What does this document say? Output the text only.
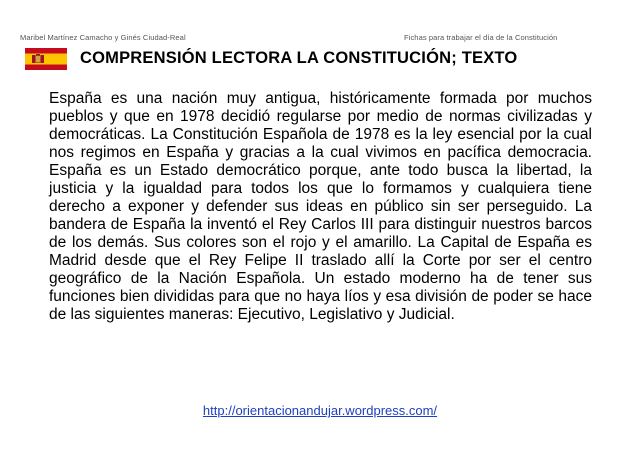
Maribel Martínez Camacho y Ginés Ciudad-Real	Fichas para trabajar el día de la Constitución
COMPRENSIÓN LECTORA LA CONSTITUCIÓN; TEXTO
España es una nación muy antigua, históricamente formada por muchos pueblos y que en 1978 decidió regularse por medio de normas civilizadas y democráticas. La Constitución Española de 1978 es la ley esencial por la cual nos regimos en España y gracias a la cual vivimos en pacífica democracia. España es un Estado democrático porque, ante todo busca la libertad, la justicia y la igualdad para todos los que lo formamos y cualquiera tiene derecho a exponer y defender sus ideas en público sin ser perseguido. La bandera de España la inventó el Rey Carlos III para distinguir nuestros barcos de los demás. Sus colores son el rojo y el amarillo. La Capital de España es Madrid desde que el Rey Felipe II traslado allí la Corte por ser el centro geográfico de la Nación Española. Un estado moderno ha de tener sus funciones bien divididas para que no haya líos y esa división de poder se hace de las siguientes maneras: Ejecutivo, Legislativo y Judicial.
http://orientacionandujar.wordpress.com/
